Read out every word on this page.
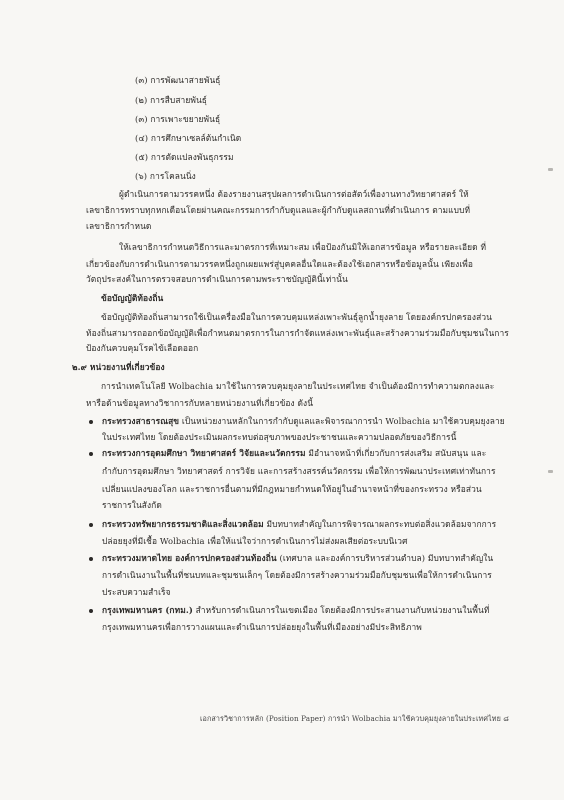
(๓) การพัฒนาสายพันธุ์
(๒) การสืบสายพันธุ์
(๓) การเพาะขยายพันธุ์
(๔) การศึกษาเซลล์ต้นกำเนิด
(๕) การตัดแปลงพันธุกรรม
(๖) การโคลนนิ่ง
ผู้ดำเนินการตามวรรคหนึ่ง ต้องรายงานสรุปผลการดำเนินการต่อสัตว์เพื่องานทางวิทยาศาสตร์ ให้
เลขาธิการทราบทุกหกเดือนโดยผ่านคณะกรรมการกำกับดูแลและผู้กำกับดูแลสถานที่ดำเนินการ ตามแบบที่
เลขาธิการกำหนด
ให้เลขาธิการกำหนดวิธีการและมาตรการที่เหมาะสม เพื่อป้องกันมิให้เอกสารข้อมูล หรือรายละเอียด ที่
เกี่ยวข้องกับการดำเนินการตามวรรคหนึ่งถูกเผยแพร่สู่บุคคลอื่นใดและต้องใช้เอกสารหรือข้อมูลนั้น เพียงเพื่อ
วัตถุประสงค์ในการตรวจสอบการดำเนินการตามพระราชบัญญัตินี้เท่านั้น
ข้อบัญญัติท้องถิ่น
ข้อบัญญัติท้องถิ่นสามารถใช้เป็นเครื่องมือในการควบคุมแหล่งเพาะพันธุ์ลูกน้ำยุงลาย โดยองค์กรปกครองส่วน
ท้องถิ่นสามารถออกข้อบัญญัติเพื่อกำหนดมาตรการในการกำจัดแหล่งเพาะพันธุ์และสร้างความร่วมมือกับชุมชนในการ
ป้องกันควบคุมโรคไข้เลือดออก
๒.๙ หน่วยงานที่เกี่ยวข้อง
การนำเทคโนโลยี Wolbachia มาใช้ในการควบคุมยุงลายในประเทศไทย จำเป็นต้องมีการทำความตกลงและ
หารือด้านข้อมูลทางวิชาการกับหลายหน่วยงานที่เกี่ยวข้อง ดังนี้
กระทรวงสาธารณสุข เป็นหน่วยงานหลักในการกำกับดูแลและพิจารณาการนำ Wolbachia มาใช้ควบคุมยุงลาย
ในประเทศไทย โดยต้องประเมินผลกระทบต่อสุขภาพของประชาชนและความปลอดภัยของวิธีการนี้
กระทรวงการอุดมศึกษา วิทยาศาสตร์ วิจัยและนวัตกรรม มีอำนาจหน้าที่เกี่ยวกับการส่งเสริม สนับสนุน และ
กำกับการอุดมศึกษา วิทยาศาสตร์ การวิจัย และการสร้างสรรค์นวัตกรรม เพื่อให้การพัฒนาประเทศเท่าทันการ
เปลี่ยนแปลงของโลก และราชการอื่นตามที่มีกฎหมายกำหนดให้อยู่ในอำนาจหน้าที่ของกระทรวง หรือส่วน
ราชการในสังกัด
กระทรวงทรัพยากรธรรมชาติและสิ่งแวดล้อม มีบทบาทสำคัญในการพิจารณาผลกระทบต่อสิ่งแวดล้อมจากการ
ปล่อยยุงที่มีเชื้อ Wolbachia เพื่อให้แน่ใจว่าการดำเนินการไม่ส่งผลเสียต่อระบบนิเวศ
กระทรวงมหาดไทย องค์การปกครองส่วนท้องถิ่น (เทศบาล และองค์การบริหารส่วนตำบล) มีบทบาทสำคัญใน
การดำเนินงานในพื้นที่ชนบทและชุมชนเล็กๆ โดยต้องมีการสร้างความร่วมมือกับชุมชนเพื่อให้การดำเนินการ
ประสบความสำเร็จ
กรุงเทพมหานคร (กทม.) สำหรับการดำเนินการในเขตเมือง โดยต้องมีการประสานงานกับหน่วยงานในพื้นที่
กรุงเทพมหานครเพื่อการวางแผนและดำเนินการปล่อยยุงในพื้นที่เมืองอย่างมีประสิทธิภาพ
เอกสารวิชาการหลัก (Position Paper) การนำ Wolbachia มาใช้ควบคุมยุงลายในประเทศไทย ๘
